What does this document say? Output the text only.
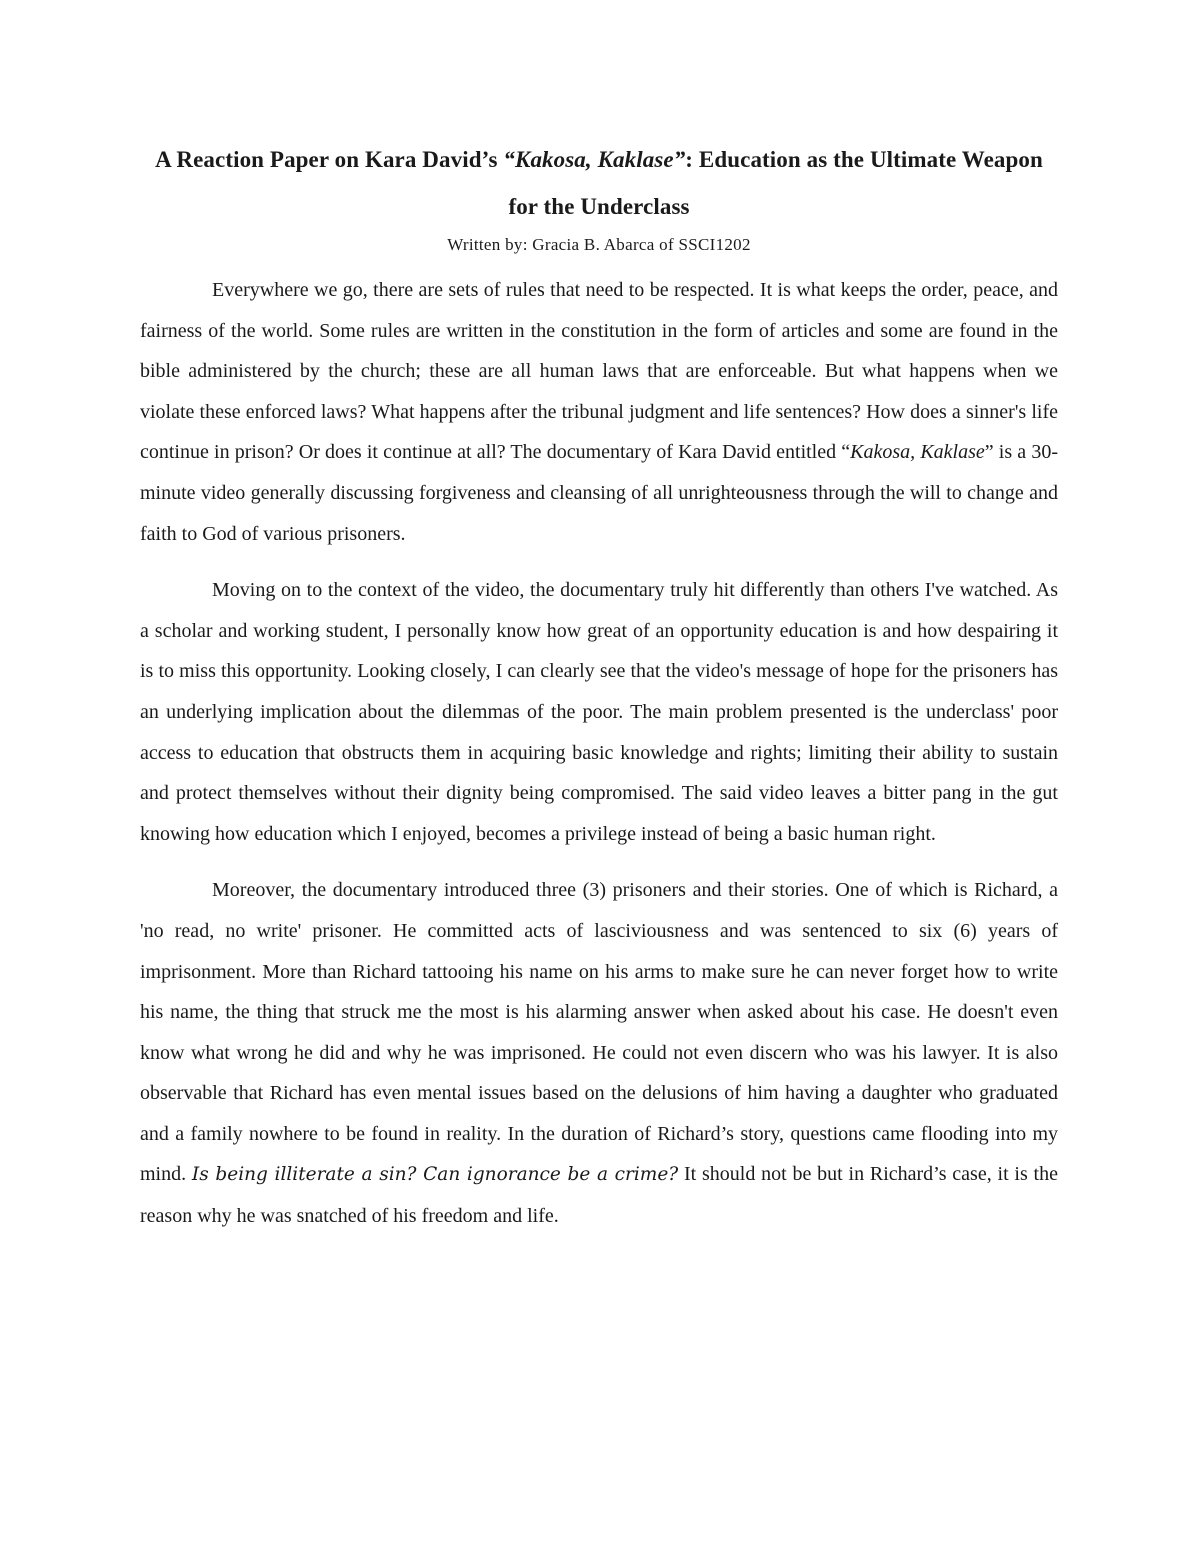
A Reaction Paper on Kara David’s “Kakosa, Kaklase”: Education as the Ultimate Weapon for the Underclass

Written by: Gracia B. Abarca of SSCI1202

Everywhere we go, there are sets of rules that need to be respected. It is what keeps the order, peace, and fairness of the world. Some rules are written in the constitution in the form of articles and some are found in the bible administered by the church; these are all human laws that are enforceable. But what happens when we violate these enforced laws? What happens after the tribunal judgment and life sentences? How does a sinner's life continue in prison? Or does it continue at all? The documentary of Kara David entitled “Kakosa, Kaklase” is a 30-minute video generally discussing forgiveness and cleansing of all unrighteousness through the will to change and faith to God of various prisoners.

Moving on to the context of the video, the documentary truly hit differently than others I've watched. As a scholar and working student, I personally know how great of an opportunity education is and how despairing it is to miss this opportunity. Looking closely, I can clearly see that the video's message of hope for the prisoners has an underlying implication about the dilemmas of the poor. The main problem presented is the underclass' poor access to education that obstructs them in acquiring basic knowledge and rights; limiting their ability to sustain and protect themselves without their dignity being compromised. The said video leaves a bitter pang in the gut knowing how education which I enjoyed, becomes a privilege instead of being a basic human right.

Moreover, the documentary introduced three (3) prisoners and their stories. One of which is Richard, a 'no read, no write' prisoner. He committed acts of lasciviousness and was sentenced to six (6) years of imprisonment. More than Richard tattooing his name on his arms to make sure he can never forget how to write his name, the thing that struck me the most is his alarming answer when asked about his case. He doesn't even know what wrong he did and why he was imprisoned. He could not even discern who was his lawyer. It is also observable that Richard has even mental issues based on the delusions of him having a daughter who graduated and a family nowhere to be found in reality. In the duration of Richard’s story, questions came flooding into my mind. Is being illiterate a sin? Can ignorance be a crime? It should not be but in Richard’s case, it is the reason why he was snatched of his freedom and life.
